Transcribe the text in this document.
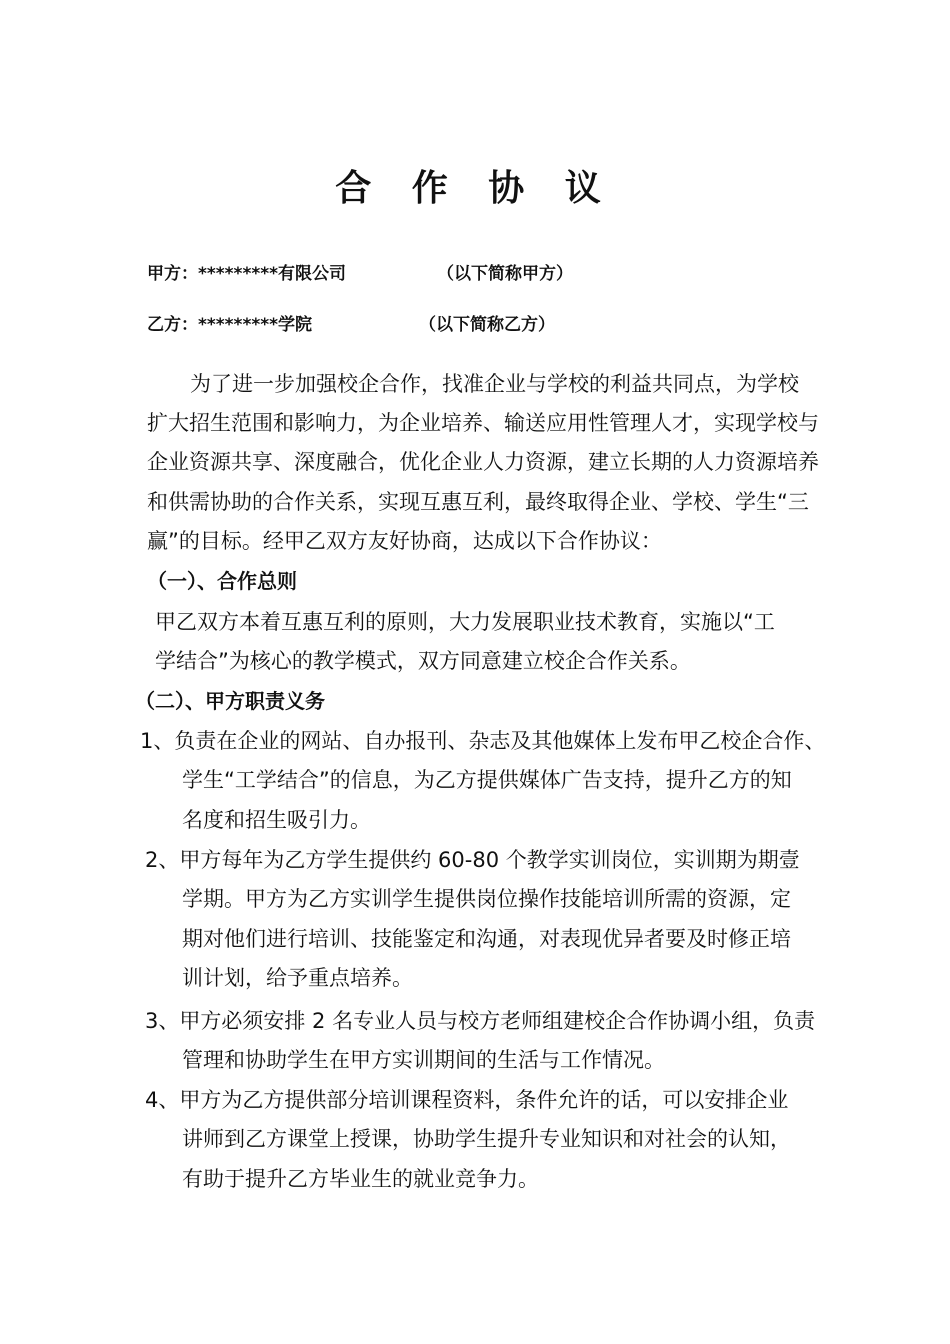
合 作 协 议
甲方：*********有限公司	（以下简称甲方）
乙方：*********学院	（以下简称乙方）
为了进一步加强校企合作，找准企业与学校的利益共同点，为学校
扩大招生范围和影响力，为企业培养、输送应用性管理人才，实现学校与
企业资源共享、深度融合，优化企业人力资源，建立长期的人力资源培养
和供需协助的合作关系，实现互惠互利，最终取得企业、学校、学生“三
赢”的目标。经甲乙双方友好协商，达成以下合作协议：
（一）、合作总则
甲乙双方本着互惠互利的原则，大力发展职业技术教育，实施以“工
学结合”为核心的教学模式，双方同意建立校企合作关系。
（二）、甲方职责义务
1、负责在企业的网站、自办报刊、杂志及其他媒体上发布甲乙校企合作、
学生“工学结合”的信息，为乙方提供媒体广告支持，提升乙方的知
名度和招生吸引力。
2、甲方每年为乙方学生提供约 60-80 个教学实训岗位，实训期为期壹
学期。甲方为乙方实训学生提供岗位操作技能培训所需的资源，定
期对他们进行培训、技能鉴定和沟通，对表现优异者要及时修正培
训计划，给予重点培养。
3、甲方必须安排 2 名专业人员与校方老师组建校企合作协调小组，负责
管理和协助学生在甲方实训期间的生活与工作情况。
4、甲方为乙方提供部分培训课程资料，条件允许的话，可以安排企业
讲师到乙方课堂上授课，协助学生提升专业知识和对社会的认知，
有助于提升乙方毕业生的就业竞争力。
